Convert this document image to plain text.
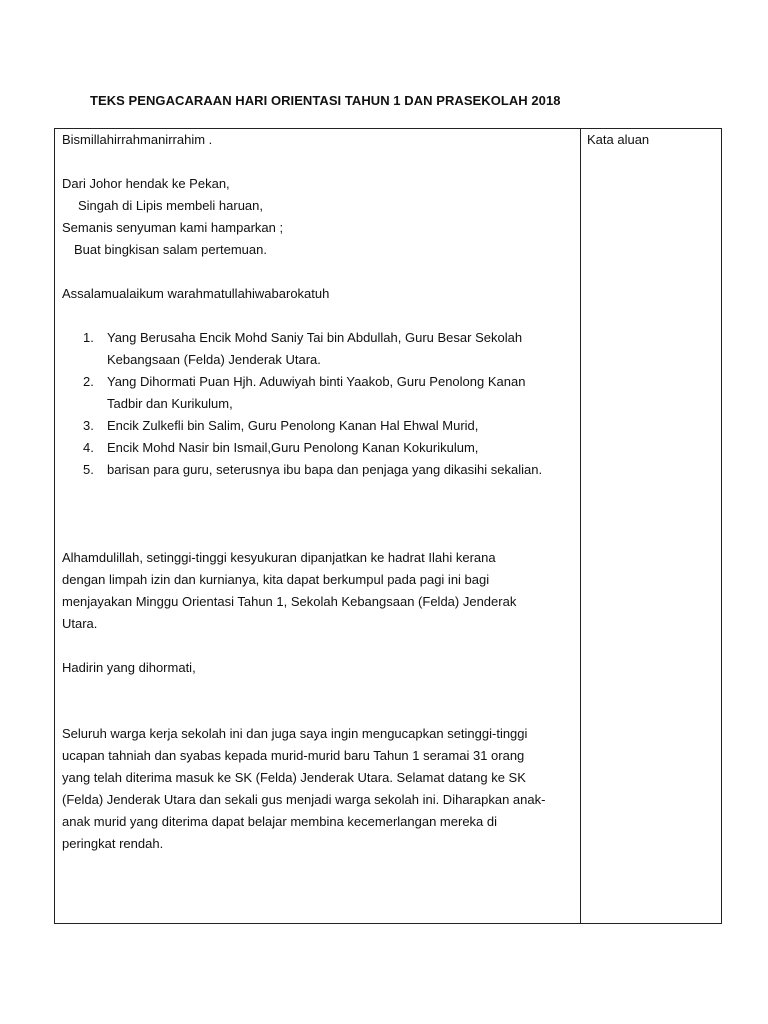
TEKS PENGACARAAN HARI ORIENTASI TAHUN 1 DAN PRASEKOLAH 2018
Bismillahirrahmanirrahim .
Dari Johor hendak ke Pekan,
Singah di Lipis membeli haruan,
Semanis senyuman kami hamparkan ;
Buat bingkisan salam pertemuan.
Assalamualaikum warahmatullahiwabarokatuh
1. Yang Berusaha Encik Mohd Saniy Tai bin Abdullah, Guru Besar Sekolah
Kebangsaan (Felda) Jenderak Utara.
2. Yang Dihormati Puan Hjh. Aduwiyah binti Yaakob, Guru Penolong Kanan
Tadbir dan Kurikulum,
3. Encik Zulkefli bin Salim, Guru Penolong Kanan Hal Ehwal Murid,
4. Encik Mohd Nasir bin Ismail,Guru Penolong Kanan Kokurikulum,
5. barisan para guru, seterusnya ibu bapa dan penjaga yang dikasihi sekalian.
Alhamdulillah, setinggi-tinggi kesyukuran dipanjatkan ke hadrat Ilahi kerana
dengan limpah izin dan kurnianya, kita dapat berkumpul pada pagi ini bagi
menjayakan Minggu Orientasi Tahun 1, Sekolah Kebangsaan (Felda) Jenderak
Utara.
Hadirin yang dihormati,
Seluruh warga kerja sekolah ini dan juga saya ingin mengucapkan setinggi-tinggi
ucapan tahniah dan syabas kepada murid-murid baru Tahun 1 seramai 31 orang
yang telah diterima masuk ke SK (Felda) Jenderak Utara. Selamat datang ke SK
(Felda) Jenderak Utara dan sekali gus menjadi warga sekolah ini. Diharapkan anak-
anak murid yang diterima dapat belajar membina kecemerlangan mereka di
peringkat rendah.
Kata aluan
